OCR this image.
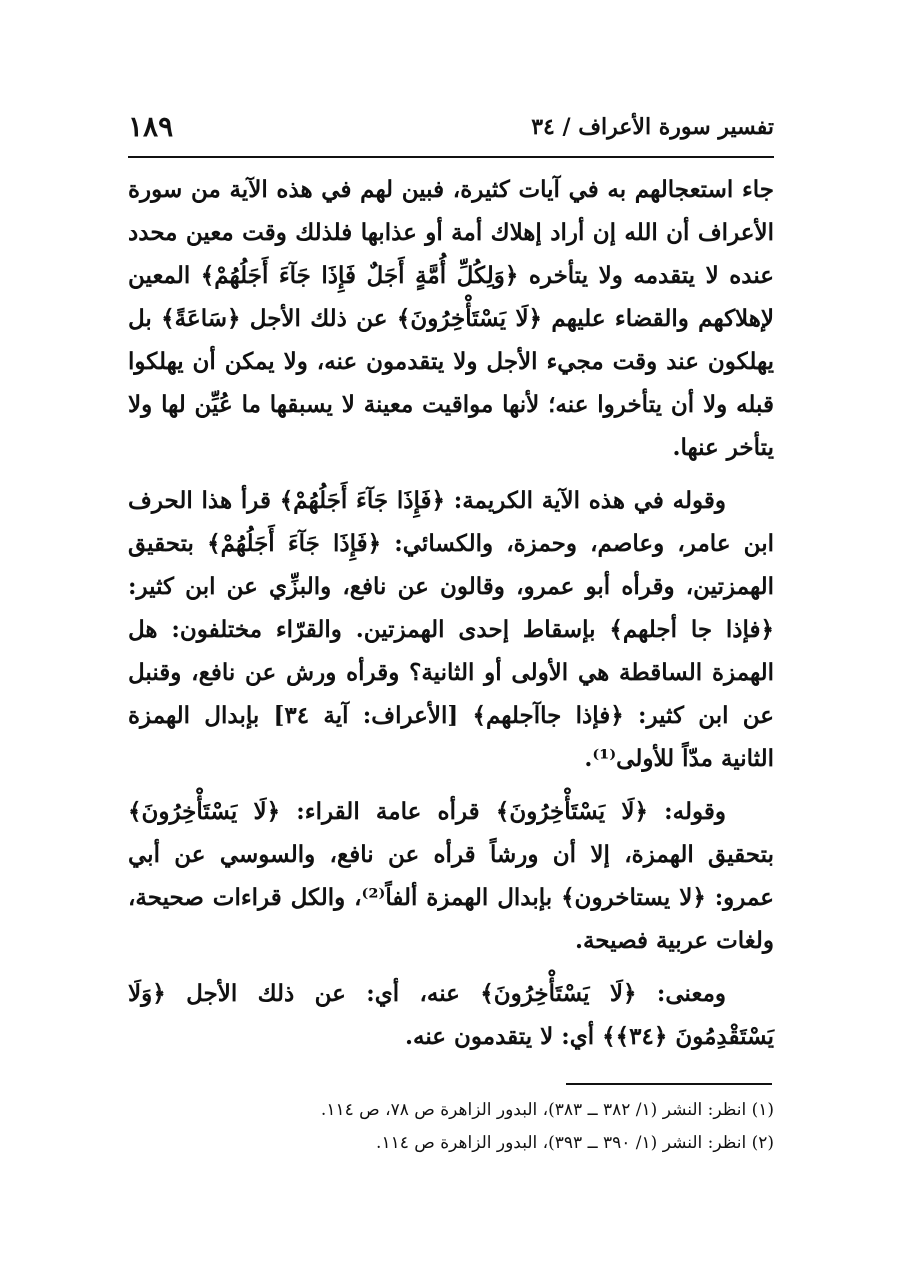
تفسير سورة الأعراف / ٣٤
١٨٩

جاء استعجالهم به في آيات كثيرة، فبين لهم في هذه الآية من سورة الأعراف أن الله إن أراد إهلاك أمة أو عذابها فلذلك وقت معين محدد عنده لا يتقدمه ولا يتأخره ﴿وَلِكُلِّ أُمَّةٍ أَجَلٌ فَإِذَا جَآءَ أَجَلُهُمْ﴾ المعين لإهلاكهم والقضاء عليهم ﴿لَا يَسْتَأْخِرُونَ﴾ عن ذلك الأجل ﴿سَاعَةً﴾ بل يهلكون عند وقت مجيء الأجل ولا يتقدمون عنه، ولا يمكن أن يهلكوا قبله ولا أن يتأخروا عنه؛ لأنها مواقيت معينة لا يسبقها ما عُيِّن لها ولا يتأخر عنها.

وقوله في هذه الآية الكريمة: ﴿فَإِذَا جَآءَ أَجَلُهُمْ﴾ قرأ هذا الحرف ابن عامر، وعاصم، وحمزة، والكسائي: ﴿فَإِذَا جَآءَ أَجَلُهُمْ﴾ بتحقيق الهمزتين، وقرأه أبو عمرو، وقالون عن نافع، والبزِّي عن ابن كثير: ﴿فإذا جا أجلهم﴾ بإسقاط إحدى الهمزتين. والقرّاء مختلفون: هل الهمزة الساقطة هي الأولى أو الثانية؟ وقرأه ورش عن نافع، وقنبل عن ابن كثير: ﴿فإذا جاآجلهم﴾ [الأعراف: آية ٣٤] بإبدال الهمزة الثانية مدّاً للأولى⁽¹⁾.

وقوله: ﴿لَا يَسْتَأْخِرُونَ﴾ قرأه عامة القراء: ﴿لَا يَسْتَأْخِرُونَ﴾ بتحقيق الهمزة، إلا أن ورشاً قرأه عن نافع، والسوسي عن أبي عمرو: ﴿لا يستاخرون﴾ بإبدال الهمزة ألفاً⁽²⁾، والكل قراءات صحيحة، ولغات عربية فصيحة.

ومعنى: ﴿لَا يَسْتَأْخِرُونَ﴾ عنه، أي: عن ذلك الأجل ﴿وَلَا يَسْتَقْدِمُونَ ﴿٣٤﴾﴾ أي: لا يتقدمون عنه.

(١) انظر: النشر (١/ ٣٨٢ ــ ٣٨٣)، البدور الزاهرة ص ٧٨، ص ١١٤.

(٢) انظر: النشر (١/ ٣٩٠ ــ ٣٩٣)، البدور الزاهرة ص ١١٤.
